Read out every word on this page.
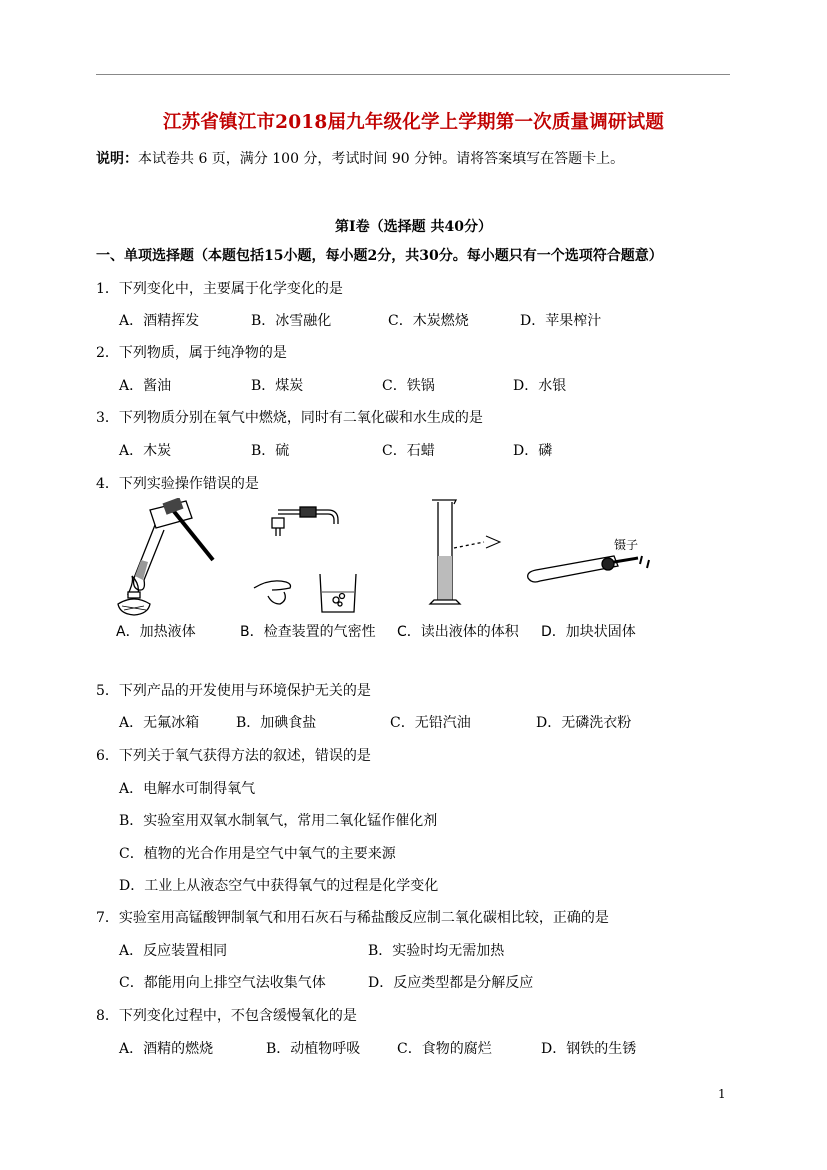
江苏省镇江市2018届九年级化学上学期第一次质量调研试题
说明：本试卷共 6 页，满分 100 分，考试时间 90 分钟。请将答案填写在答题卡上。
第Ⅰ卷（选择题 共40分）
一、单项选择题（本题包括15小题，每小题2分，共30分。每小题只有一个选项符合题意）
1．下列变化中，主要属于化学变化的是
A．酒精挥发	B．冰雪融化	C．木炭燃烧	D．苹果榨汁
2．下列物质，属于纯净物的是
A．酱油	B．煤炭	C．铁锅	D．水银
3．下列物质分别在氧气中燃烧，同时有二氧化碳和水生成的是
A．木炭	B．硫	C．石蜡	D．磷
4．下列实验操作错误的是
镊子
A．加热液体	B．检查装置的气密性 C．读出液体的体积 D．加块状固体
5．下列产品的开发使用与环境保护无关的是
A．无氟冰箱	B．加碘食盐	C．无铅汽油	D．无磷洗衣粉
6．下列关于氧气获得方法的叙述，错误的是
A．电解水可制得氧气
B．实验室用双氧水制氧气，常用二氧化锰作催化剂
C．植物的光合作用是空气中氧气的主要来源
D．工业上从液态空气中获得氧气的过程是化学变化
7．实验室用高锰酸钾制氧气和用石灰石与稀盐酸反应制二氧化碳相比较，正确的是
A．反应装置相同	B．实验时均无需加热
C．都能用向上排空气法收集气体	D．反应类型都是分解反应
8．下列变化过程中，不包含缓慢氧化的是
A．酒精的燃烧	B．动植物呼吸	C．食物的腐烂	D．钢铁的生锈
1
